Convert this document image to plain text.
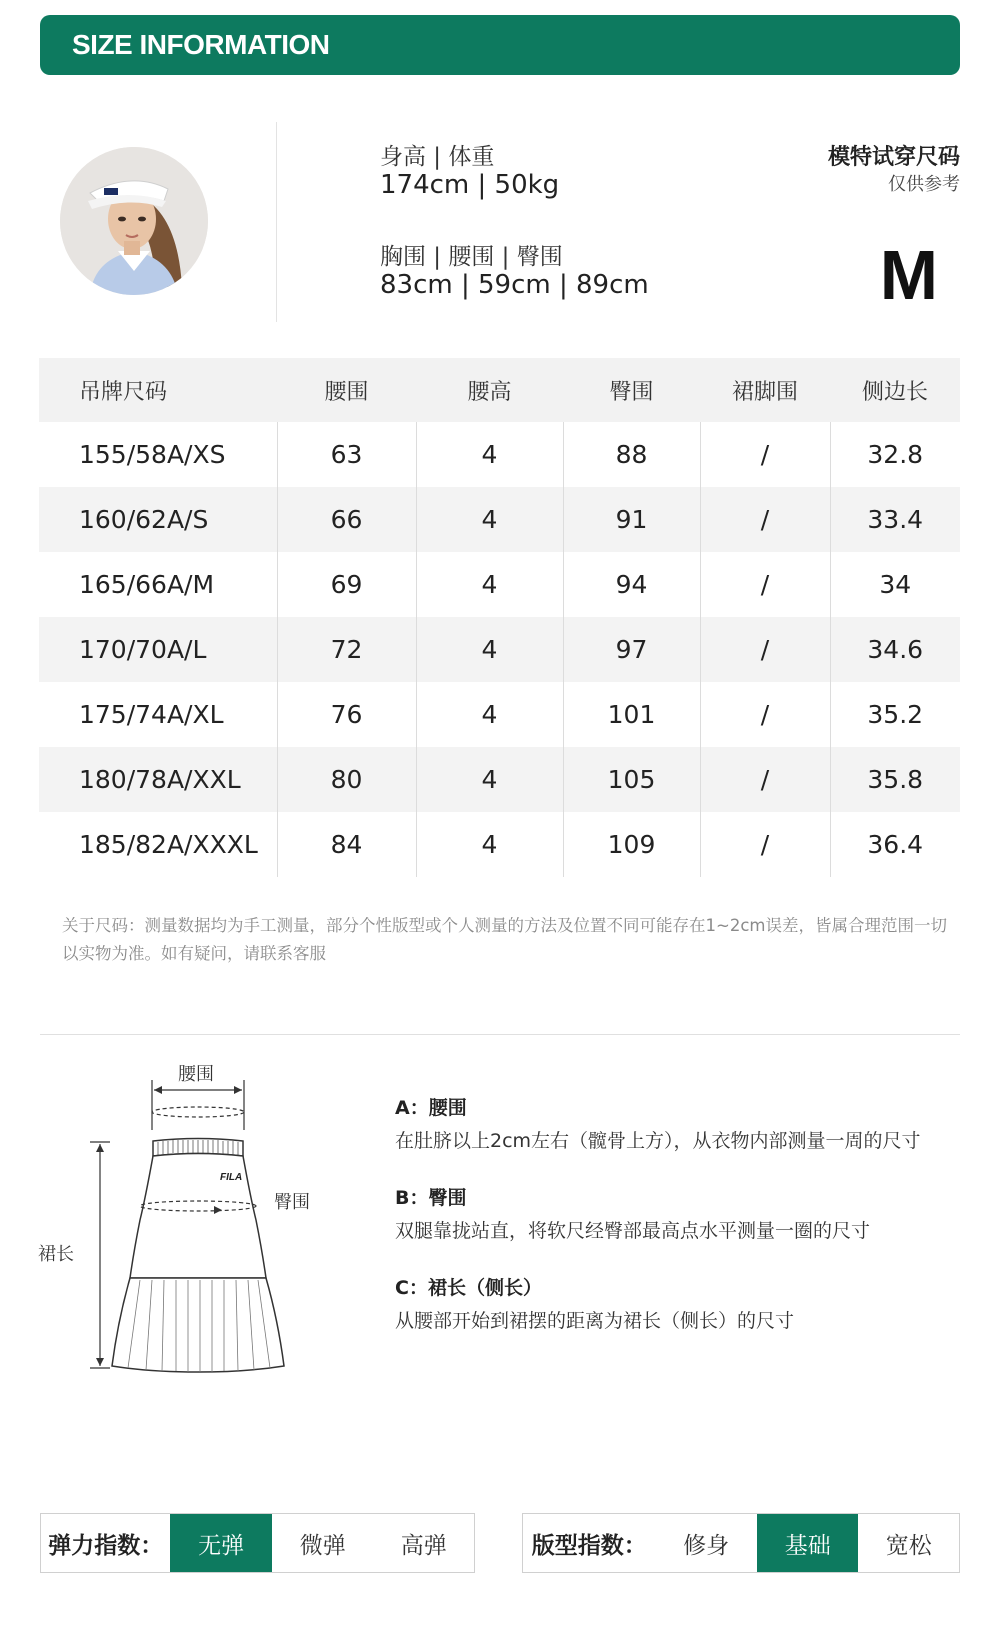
SIZE INFORMATION
身高 | 体重
174cm | 50kg
胸围 | 腰围 | 臀围
83cm | 59cm | 89cm
模特试穿尺码
仅供参考
M
吊牌尺码	腰围	腰高	臀围	裙脚围	侧边长
155/58A/XS	63	4	88	/	32.8
160/62A/S	66	4	91	/	33.4
165/66A/M	69	4	94	/	34
170/70A/L	72	4	97	/	34.6
175/74A/XL	76	4	101	/	35.2
180/78A/XXL	80	4	105	/	35.8
185/82A/XXXL	84	4	109	/	36.4
关于尺码：测量数据均为手工测量，部分个性版型或个人测量的方法及位置不同可能存在1~2cm误差，皆属合理范围一切以实物为准。如有疑问，请联系客服
FILA
腰围
臀围
裙长
A：腰围
在肚脐以上2cm左右（髋骨上方），从衣物内部测量一周的尺寸
B：臀围
双腿靠拢站直，将软尺经臀部最高点水平测量一圈的尺寸
C：裙长（侧长）
从腰部开始到裙摆的距离为裙长（侧长）的尺寸
弹力指数：	无弹	微弹	高弹	版型指数：	修身	基础	宽松
